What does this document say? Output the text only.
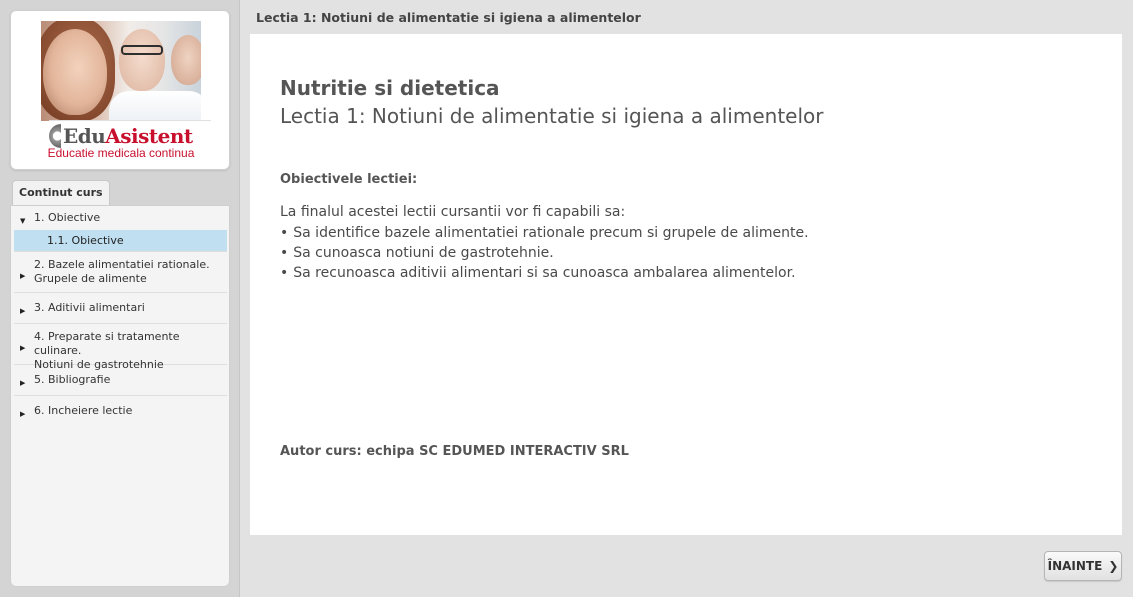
EduAsistent
Educatie medicala continua
Continut curs
▼ 1. Obiective
1.1. Obiective
▶
2. Bazele alimentatiei rationale.
Grupele de alimente
▶ 3. Aditivii alimentari
▶
4. Preparate si tratamente culinare.
Notiuni de gastrotehnie
▶ 5. Bibliografie
▶ 6. Incheiere lectie
Lectia 1: Notiuni de alimentatie si igiena a alimentelor
Nutritie si dietetica
Lectia 1: Notiuni de alimentatie si igiena a alimentelor
Obiectivele lectiei:
La finalul acestei lectii cursantii vor fi capabili sa:
• Sa identifice bazele alimentatiei rationale precum si grupele de alimente.
• Sa cunoasca notiuni de gastrotehnie.
• Sa recunoasca aditivii alimentari si sa cunoasca ambalarea alimentelor.
Autor curs: echipa SC EDUMED INTERACTIV SRL
ÎNAINTE ❯
